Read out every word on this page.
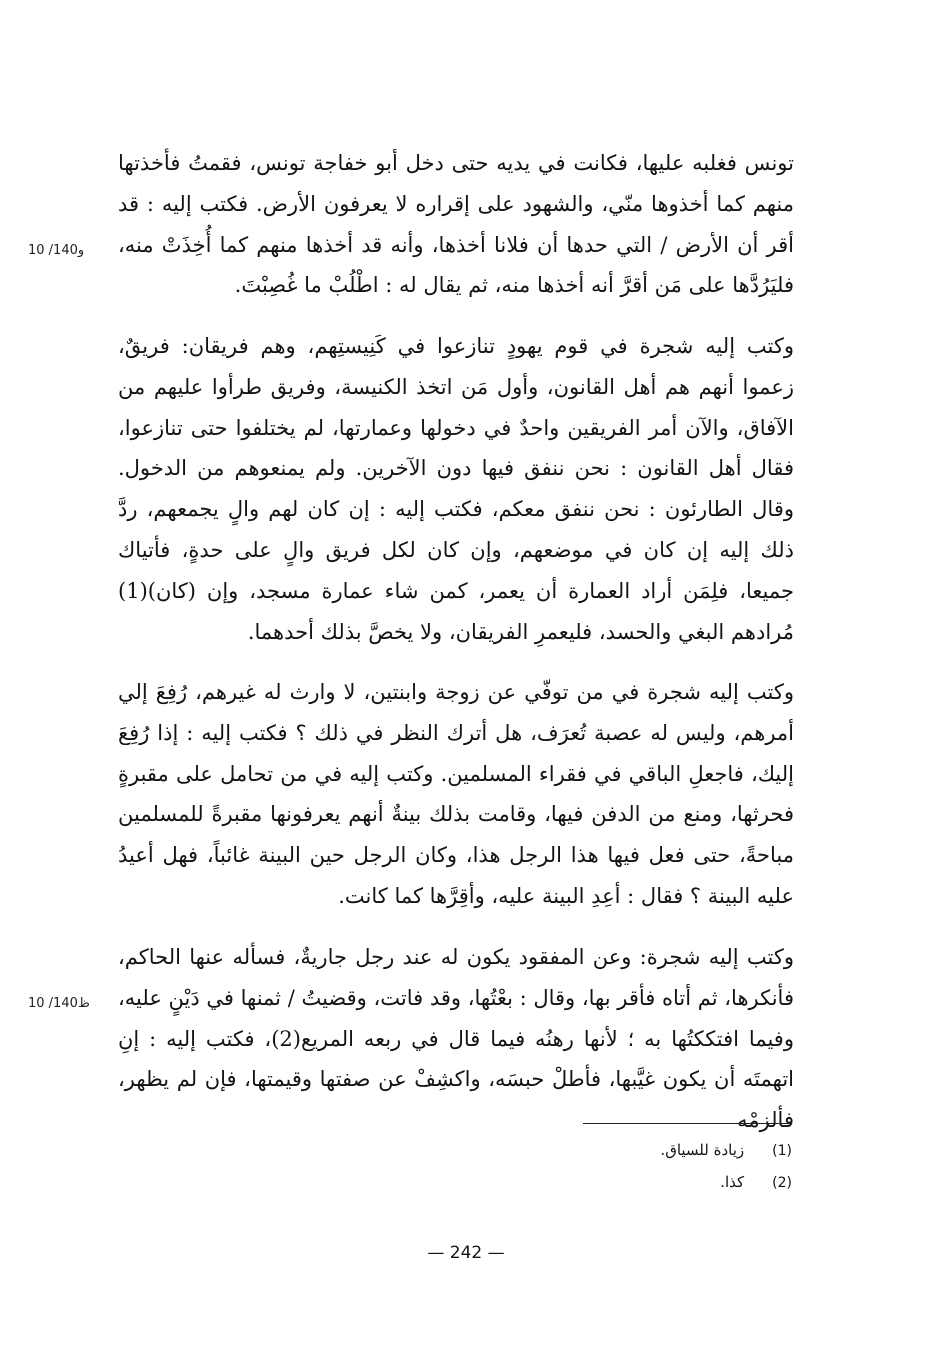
تونس فغلبه عليها، فكانت في يديه حتى دخل أبو خفاجة تونس، فقمتُ فأخذتها منهم كما أخذوها منّي، والشهود على إقراره لا يعرفون الأرض. فكتب إليه : قد أقر أن الأرض / التي حدها أن فلانا أخذها، وأنه قد أخذها منهم كما أُخِذَتْ منه، فليَرُدَّها على مَن أقرَّ أنه أخذها منه، ثم يقال له : اطْلُبْ ما غُصِبْتَ.

وكتب إليه شجرة في قوم يهودٍ تنازعوا في كَنِيستِهم، وهم فريقان: فريقٌ، زعموا أنهم هم أهل القانون، وأول مَن اتخذ الكنيسة، وفريق طرأوا عليهم من الآفاق، والآن أمر الفريقين واحدٌ في دخولها وعمارتها، لم يختلفوا حتى تنازعوا، فقال أهل القانون : نحن ننفق فيها دون الآخرين. ولم يمنعوهم من الدخول. وقال الطارئون : نحن ننفق معكم، فكتب إليه : إن كان لهم والٍ يجمعهم، ردَّ ذلك إليه إن كان في موضعهم، وإن كان لكل فريق والٍ على حدةٍ، فأتياك جميعا، فلِمَن أراد العمارة أن يعمر، كمن شاء عمارة مسجد، وإن (كان)(1) مُرادهم البغي والحسد، فليعمرِ الفريقان، ولا يخصَّ بذلك أحدهما.

وكتب إليه شجرة في من توفّي عن زوجة وابنتين، لا وارث له غيرهم، رُفِعَ إلي أمرهم، وليس له عصبة تُعرَف، هل أترك النظر في ذلك ؟ فكتب إليه : إذا رُفِعَ إليك، فاجعلِ الباقي في فقراء المسلمين. وكتب إليه في من تحامل على مقبرةٍ فحرثها، ومنع من الدفن فيها، وقامت بذلك بينةٌ أنهم يعرفونها مقبرةً للمسلمين مباحةً، حتى فعل فيها هذا الرجل هذا، وكان الرجل حين البينة غائباً، فهل أعيدُ عليه البينة ؟ فقال : أعِدِ البينة عليه، وأقِرَّها كما كانت.

وكتب إليه شجرة: وعن المفقود يكون له عند رجل جاريةٌ، فسأله عنها الحاكم، فأنكرها، ثم أتاه فأقر بها، وقال : بعْتُها، وقد فاتت، وقضيتُ / ثمنها في دَيْنٍ عليه، وفيما افتككتُها به ؛ لأنها رهنُه فيما قال في ربعه المريع(2)، فكتب إليه : إنِ اتهمتَه أن يكون غيَّبها، فأطلْ حبسَه، واكشِفْ عن صفتها وقيمتها، فإن لم يظهر، فألزمْه

10 /140و
10 /140ظ
(1)زيادة للسياق.
(2)كذا.
— 242 —
